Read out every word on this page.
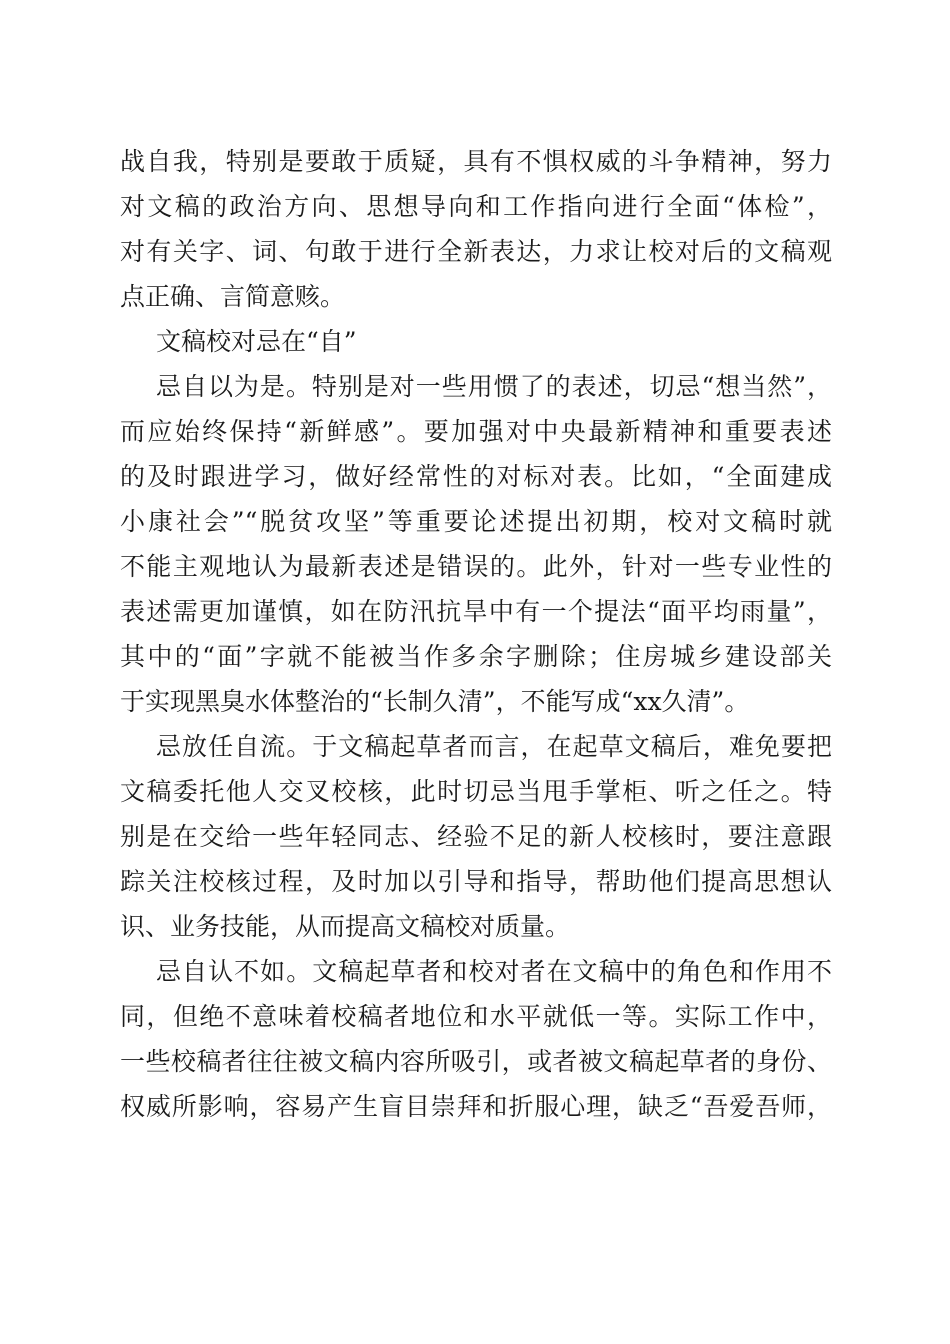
战自我，特别是要敢于质疑，具有不惧权威的斗争精神，努力
对文稿的政治方向、思想导向和工作指向进行全面“体检”，
对有关字、词、句敢于进行全新表达，力求让校对后的文稿观
点正确、言简意赅。
文稿校对忌在“自”
忌自以为是。特别是对一些用惯了的表述，切忌“想当然”，
而应始终保持“新鲜感”。要加强对中央最新精神和重要表述
的及时跟进学习，做好经常性的对标对表。比如，“全面建成
小康社会”“脱贫攻坚”等重要论述提出初期，校对文稿时就
不能主观地认为最新表述是错误的。此外，针对一些专业性的
表述需更加谨慎，如在防汛抗旱中有一个提法“面平均雨量”，
其中的“面”字就不能被当作多余字删除；住房城乡建设部关
于实现黑臭水体整治的“长制久清”，不能写成“xx久清”。
忌放任自流。于文稿起草者而言，在起草文稿后，难免要把
文稿委托他人交叉校核，此时切忌当甩手掌柜、听之任之。特
别是在交给一些年轻同志、经验不足的新人校核时，要注意跟
踪关注校核过程，及时加以引导和指导，帮助他们提高思想认
识、业务技能，从而提高文稿校对质量。
忌自认不如。文稿起草者和校对者在文稿中的角色和作用不
同，但绝不意味着校稿者地位和水平就低一等。实际工作中，
一些校稿者往往被文稿内容所吸引，或者被文稿起草者的身份、
权威所影响，容易产生盲目崇拜和折服心理，缺乏“吾爱吾师，
